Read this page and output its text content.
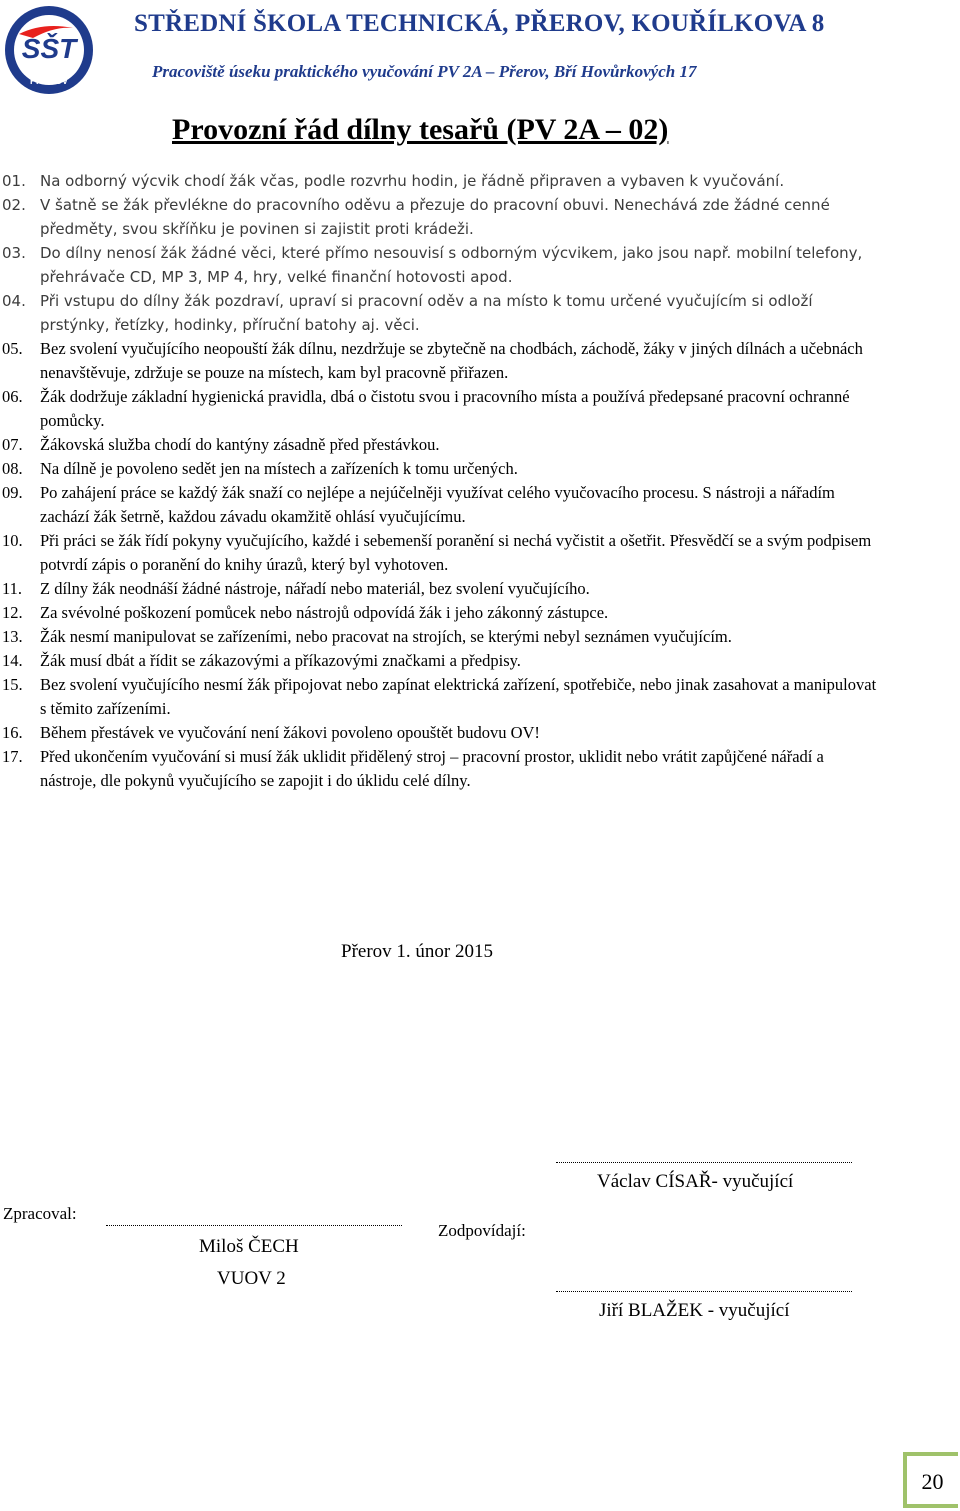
SŠT
PŘEROV
STŘEDNÍ ŠKOLA TECHNICKÁ, PŘEROV, KOUŘÍLKOVA 8
Pracoviště úseku praktického vyučování PV 2A – Přerov, Bří Hovůrkových 17
Provozní řád dílny tesařů (PV 2A – 02)
01. Na odborný výcvik chodí žák včas, podle rozvrhu hodin, je řádně připraven a vybaven k vyučování.
02. V šatně se žák převlékne do pracovního oděvu a přezuje do pracovní obuvi. Nenechává zde žádné cenné předměty, svou skříňku je povinen si zajistit proti krádeži.
03. Do dílny nenosí žák žádné věci, které přímo nesouvisí s odborným výcvikem, jako jsou např. mobilní telefony, přehrávače CD, MP 3, MP 4, hry, velké finanční hotovosti apod.
04. Při vstupu do dílny žák pozdraví, upraví si pracovní oděv a na místo k tomu určené vyučujícím si odloží prstýnky, řetízky, hodinky, příruční batohy aj. věci.
05.	Bez svolení vyučujícího neopouští žák dílnu, nezdržuje se zbytečně na chodbách, záchodě, žáky v jiných dílnách a učebnách nenavštěvuje, zdržuje se pouze na místech, kam byl pracovně přiřazen.
06.	Žák dodržuje základní hygienická pravidla, dbá o čistotu svou i pracovního místa a používá předepsané pracovní ochranné pomůcky.
07.	Žákovská služba chodí do kantýny zásadně před přestávkou.
08.	Na dílně je povoleno sedět jen na místech a zařízeních k tomu určených.
09.	Po zahájení práce se každý žák snaží co nejlépe a nejúčelněji využívat celého vyučovacího procesu. S nástroji a nářadím zachází žák šetrně, každou závadu okamžitě ohlásí vyučujícímu.
10.	Při práci se žák řídí pokyny vyučujícího, každé i sebemenší poranění si nechá vyčistit a ošetřit. Přesvědčí se a svým podpisem potvrdí zápis o poranění do knihy úrazů, který byl vyhotoven.
11.	Z dílny žák neodnáší žádné nástroje, nářadí nebo materiál, bez svolení vyučujícího.
12.	Za svévolné poškození pomůcek nebo nástrojů odpovídá žák i jeho zákonný zástupce.
13.	Žák nesmí manipulovat se zařízeními, nebo pracovat na strojích, se kterými nebyl seznámen vyučujícím.
14.	Žák musí dbát a řídit se zákazovými a příkazovými značkami a předpisy.
15.	Bez svolení vyučujícího nesmí žák připojovat nebo zapínat elektrická zařízení, spotřebiče, nebo jinak zasahovat a manipulovat s těmito zařízeními.
16.	Během přestávek ve vyučování není žákovi povoleno opouštět budovu OV!
17.	Před ukončením vyučování si musí žák uklidit přidělený stroj – pracovní prostor, uklidit nebo vrátit zapůjčené nářadí a nástroje, dle pokynů vyučujícího se zapojit i do úklidu celé dílny.
Přerov 1. únor 2015
Zpracoval:
Miloš ČECH
VUOV 2
Zodpovídají:
Václav CÍSAŘ- vyučující
Jiří BLAŽEK - vyučující
20
